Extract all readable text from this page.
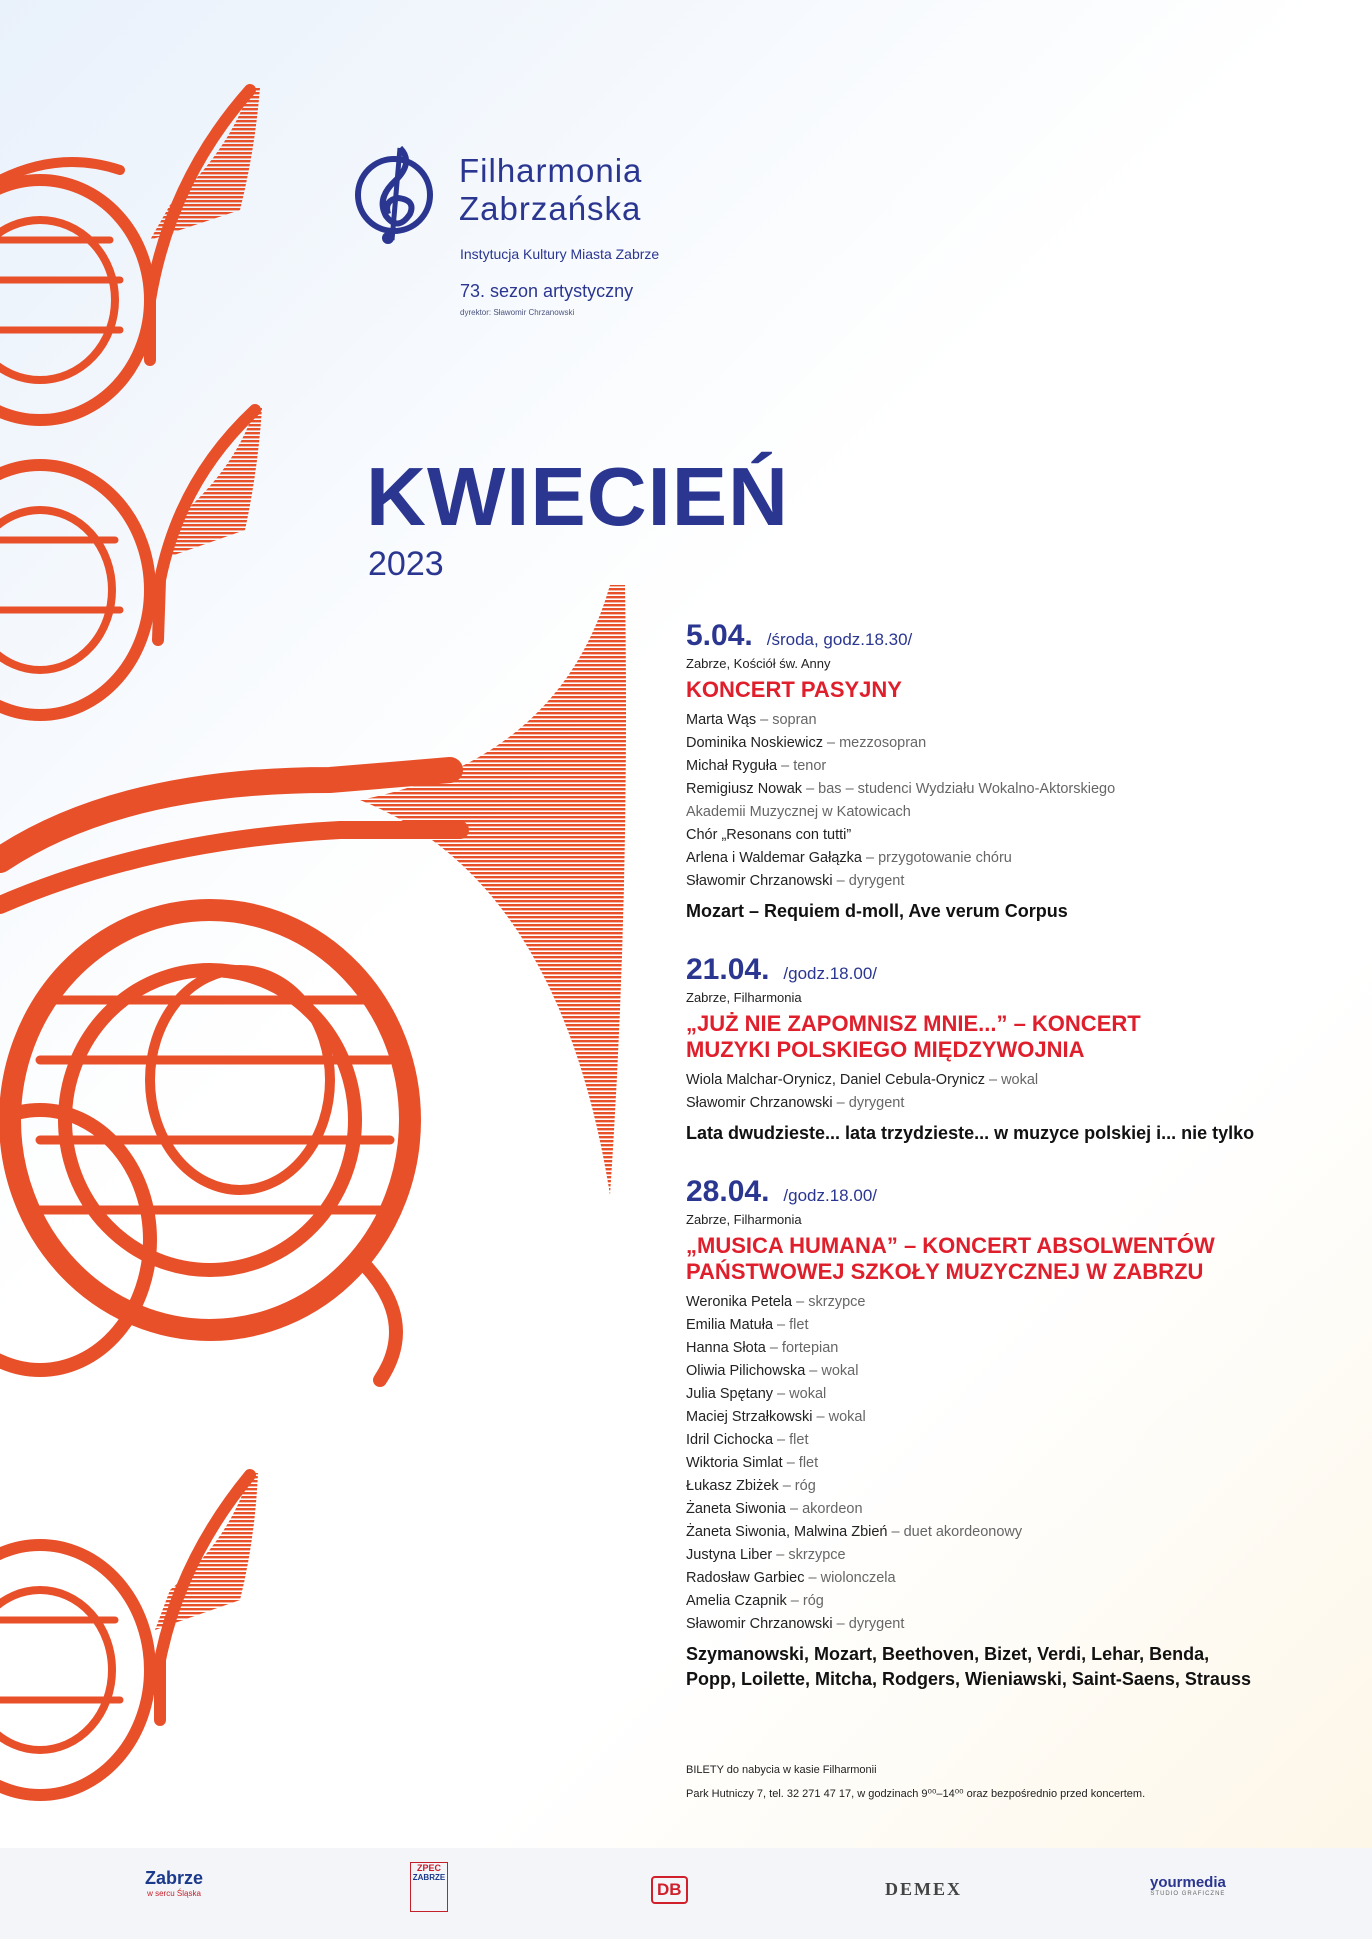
Filharmonia
Zabrzańska
Instytucja Kultury Miasta Zabrze
73. sezon artystyczny
dyrektor: Sławomir Chrzanowski
KWIECIEŃ
2023
5.04. /środa, godz.18.30/
Zabrze, Kościół św. Anny
KONCERT PASYJNY
Marta Wąs – sopran
Dominika Noskiewicz – mezzosopran
Michał Ryguła – tenor
Remigiusz Nowak – bas – studenci Wydziału Wokalno-Aktorskiego
Akademii Muzycznej w Katowicach
Chór „Resonans con tutti”
Arlena i Waldemar Gałązka – przygotowanie chóru
Sławomir Chrzanowski – dyrygent
Mozart – Requiem d-moll, Ave verum Corpus
21.04. /godz.18.00/
Zabrze, Filharmonia
„JUŻ NIE ZAPOMNISZ MNIE...” – KONCERT
MUZYKI POLSKIEGO MIĘDZYWOJNIA
Wiola Malchar-Orynicz, Daniel Cebula-Orynicz – wokal
Sławomir Chrzanowski – dyrygent
Lata dwudzieste... lata trzydzieste... w muzyce polskiej i... nie tylko
28.04. /godz.18.00/
Zabrze, Filharmonia
„MUSICA HUMANA” – KONCERT ABSOLWENTÓW
PAŃSTWOWEJ SZKOŁY MUZYCZNEJ W ZABRZU
Weronika Petela – skrzypce
Emilia Matuła – flet
Hanna Słota – fortepian
Oliwia Pilichowska – wokal
Julia Spętany – wokal
Maciej Strzałkowski – wokal
Idril Cichocka – flet
Wiktoria Simlat – flet
Łukasz Zbiżek – róg
Żaneta Siwonia – akordeon
Żaneta Siwonia, Malwina Zbień – duet akordeonowy
Justyna Liber – skrzypce
Radosław Garbiec – wiolonczela
Amelia Czapnik – róg
Sławomir Chrzanowski – dyrygent
Szymanowski, Mozart, Beethoven, Bizet, Verdi, Lehar, Benda,
Popp, Loilette, Mitcha, Rodgers, Wieniawski, Saint-Saens, Strauss
BILETY do nabycia w kasie Filharmonii
Park Hutniczy 7, tel. 32 271 47 17, w godzinach 9⁰⁰–14⁰⁰ oraz bezpośrednio przed koncertem.
Zabrze
w sercu Śląska
ZPEC
ZABRZE
DB	DEMEX	yourmedia
STUDIO GRAFICZNE
